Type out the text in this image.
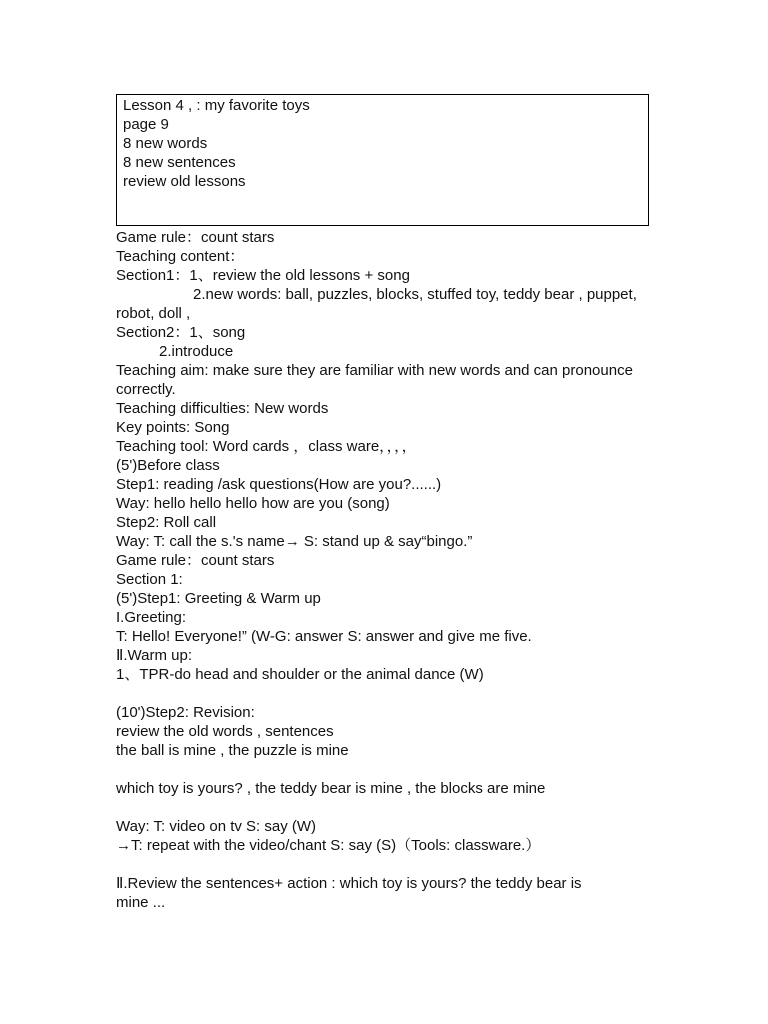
Lesson 4 , : my favorite toys
page 9
8 new words
8 new sentences
review old lessons
Game rule：count stars
Teaching content：
Section1：1、review the old lessons + song
2.new words: ball, puzzles, blocks, stuffed toy, teddy bear , puppet, robot, doll ,
Section2：1、song
2.introduce
Teaching aim: make sure they are familiar with new words and can pronounce correctly.
Teaching difficulties: New words
Key points: Song
Teaching tool: Word cards ，class ware，，，，
(5')Before class
Step1: reading /ask questions(How are you?......)
Way: hello hello hello how are you (song)
Step2: Roll call
Way: T: call the s.'s name→ S: stand up & say“bingo.”
Game rule：count stars
Section 1:
(5')Step1: Greeting & Warm up
I.Greeting:
T: Hello! Everyone!” (W-G: answer S: answer and give me five.
Ⅱ.Warm up:
1、TPR-do head and shoulder or the animal dance (W)
(10')Step2: Revision:
review the old words , sentences
the ball is mine , the puzzle is mine
which toy is yours? , the teddy bear is mine , the blocks are mine
Way: T: video on tv S: say (W)
→T: repeat with the video/chant S: say (S)（Tools: classware.）
Ⅱ.Review the sentences+ action : which toy is yours? the teddy bear is mine ...
